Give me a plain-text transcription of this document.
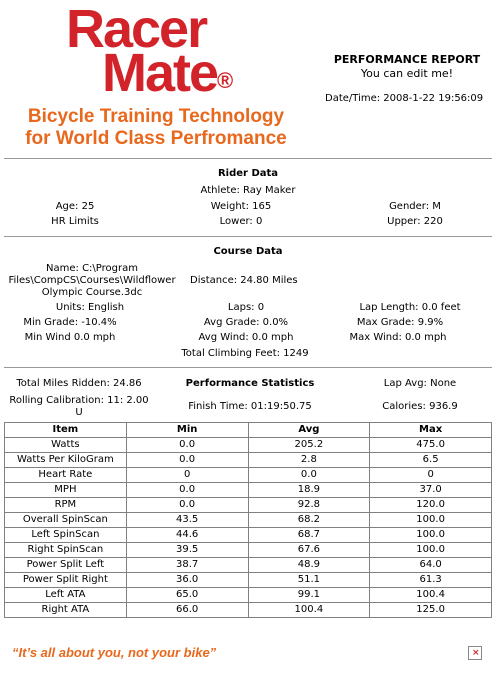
Racer
Mate®
Bicycle Training Technology
for World Class Perfromance
PERFORMANCE REPORT
You can edit me!
Date/Time: 2008-1-22 19:56:09
Rider Data
Athlete: Ray Maker
Age: 25	Weight: 165	Gender: M
HR Limits	Lower: 0	Upper: 220
Course Data
Name: C:\Program
Files\CompCS\Courses\Wildflower
Olympic Course.3dc
Distance: 24.80 Miles
Units: English	Laps: 0	Lap Length: 0.0 feet
Min Grade: -10.4%	Avg Grade: 0.0%	Max Grade: 9.9%
Min Wind 0.0 mph	Avg Wind: 0.0 mph	Max Wind: 0.0 mph
Total Climbing Feet: 1249
Total Miles Ridden: 24.86	Performance Statistics	Lap Avg: None
Rolling Calibration: 11: 2.00
U
Finish Time: 01:19:50.75	Calories: 936.9
Item	Min	Avg	Max
Watts	0.0	205.2	475.0
Watts Per KiloGram	0.0	2.8	6.5
Heart Rate	0	0.0	0
MPH	0.0	18.9	37.0
RPM	0.0	92.8	120.0
Overall SpinScan	43.5	68.2	100.0
Left SpinScan	44.6	68.7	100.0
Right SpinScan	39.5	67.6	100.0
Power Split Left	38.7	48.9	64.0
Power Split Right	36.0	51.1	61.3
Left ATA	65.0	99.1	100.4
Right ATA	66.0	100.4	125.0
“It’s all about you, not your bike”	×
